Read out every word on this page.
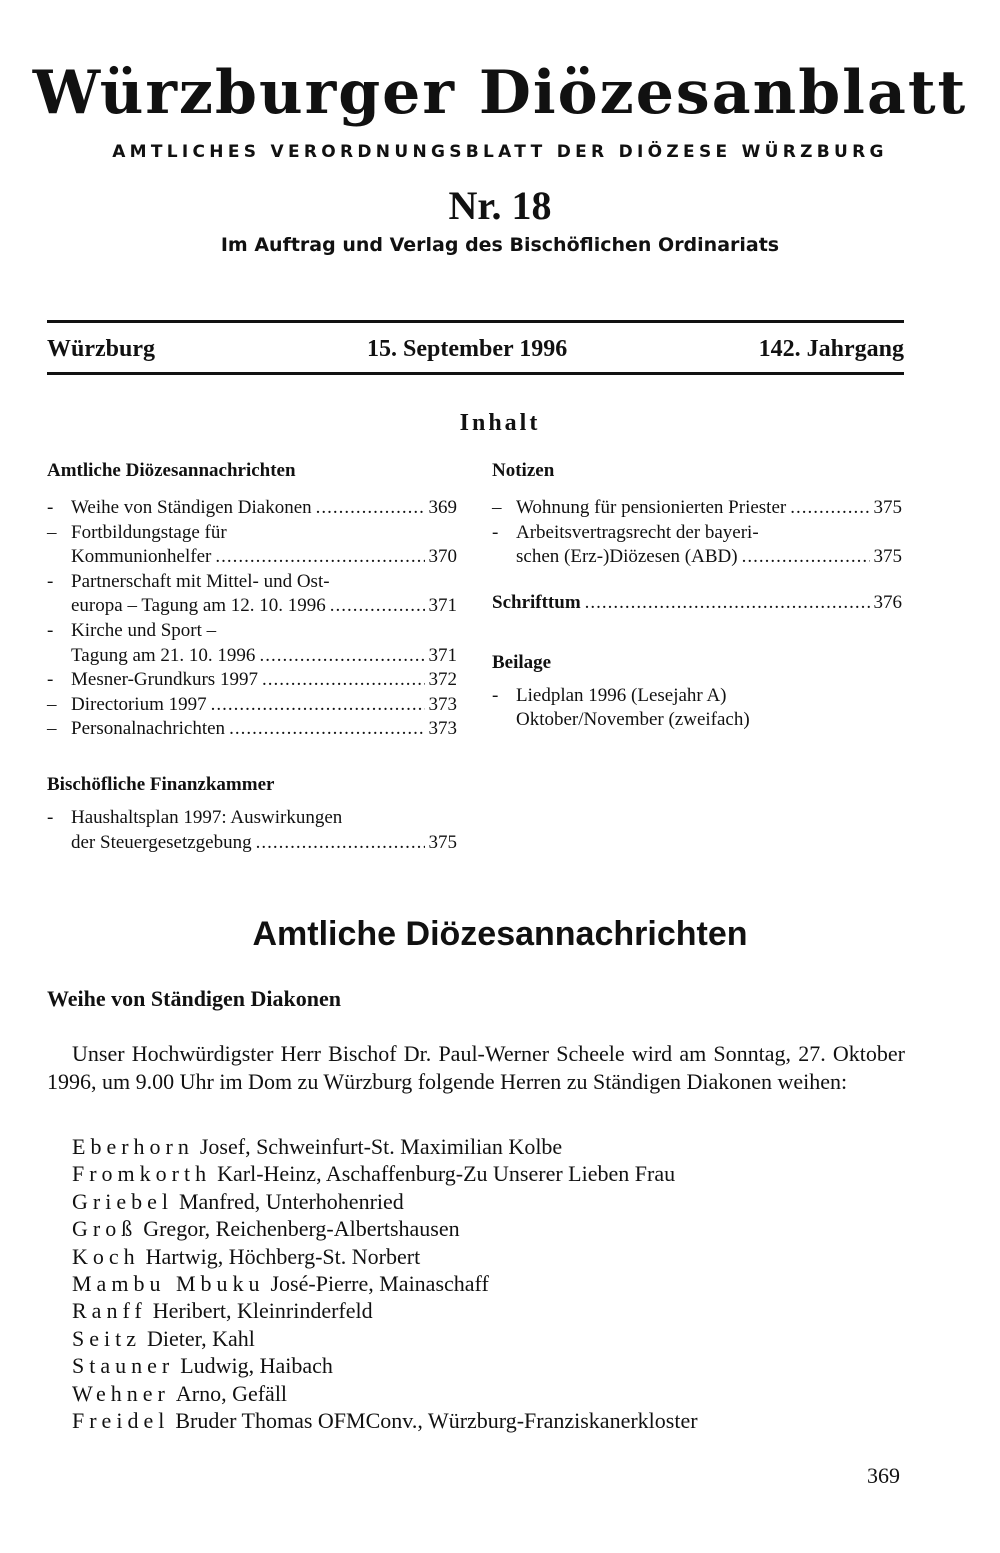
Würzburger Diözesanblatt
AMTLICHES VERORDNUNGSBLATT DER DIÖZESE WÜRZBURG
Nr. 18
Im Auftrag und Verlag des Bischöflichen Ordinariats
Würzburg	15. September 1996	142. Jahrgang
Inhalt
Amtliche Diözesannachrichten
- Weihe von Ständigen Diakonen .....	369
– Fortbildungstage für
Kommunionhelfer .....	370
- Partnerschaft mit Mittel- und Ost-
europa – Tagung am 12. 10. 1996 .....	371
- Kirche und Sport –
Tagung am 21. 10. 1996 .....	371
- Mesner-Grundkurs 1997 .....	372
– Directorium 1997 .....	373
– Personalnachrichten .....	373
Bischöfliche Finanzkammer
- Haushaltsplan 1997: Auswirkungen
der Steuergesetzgebung .....	375
Notizen
– Wohnung für pensionierten Priester .....	375
- Arbeitsvertragsrecht der bayeri-
schen (Erz-)Diözesen (ABD) .....	375
Schrifttum .....	376
Beilage
- Liedplan 1996 (Lesejahr A)
Oktober/November (zweifach)
Amtliche Diözesannachrichten
Weihe von Ständigen Diakonen
Unser Hochwürdigster Herr Bischof Dr. Paul-Werner Scheele wird am Sonntag, 27. Oktober 1996, um 9.00 Uhr im Dom zu Würzburg folgende Herren zu Ständigen Diakonen weihen:
Eberhorn Josef, Schweinfurt-St. Maximilian Kolbe
Fromkorth Karl-Heinz, Aschaffenburg-Zu Unserer Lieben Frau
Griebel Manfred, Unterhohenried
Groß Gregor, Reichenberg-Albertshausen
Koch Hartwig, Höchberg-St. Norbert
Mambu Mbuku José-Pierre, Mainaschaff
Ranff Heribert, Kleinrinderfeld
Seitz Dieter, Kahl
Stauner Ludwig, Haibach
Wehner Arno, Gefäll
Freidel Bruder Thomas OFMConv., Würzburg-Franziskanerkloster
369
